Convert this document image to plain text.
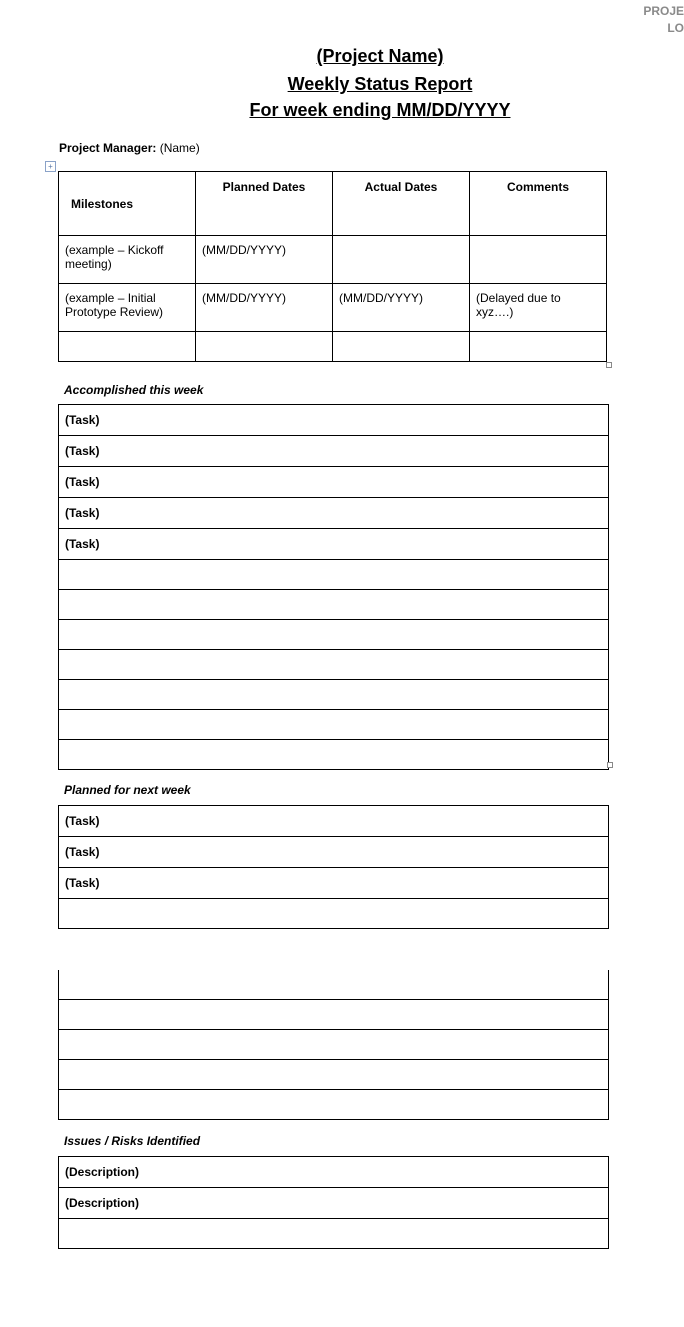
PROJE
LO
(Project Name)
Weekly Status Report
For week ending MM/DD/YYYY
Project Manager: (Name)
+
Milestones	Planned Dates	Actual Dates	Comments
(example – Kickoff meeting)	(MM/DD/YYYY)		
(example – Initial Prototype Review)	(MM/DD/YYYY)	(MM/DD/YYYY)	(Delayed due to xyz….)

Accomplished this week
(Task)
(Task)
(Task)
(Task)
(Task)

Planned for next week
(Task)
(Task)
(Task)

Issues / Risks Identified
(Description)
(Description)
